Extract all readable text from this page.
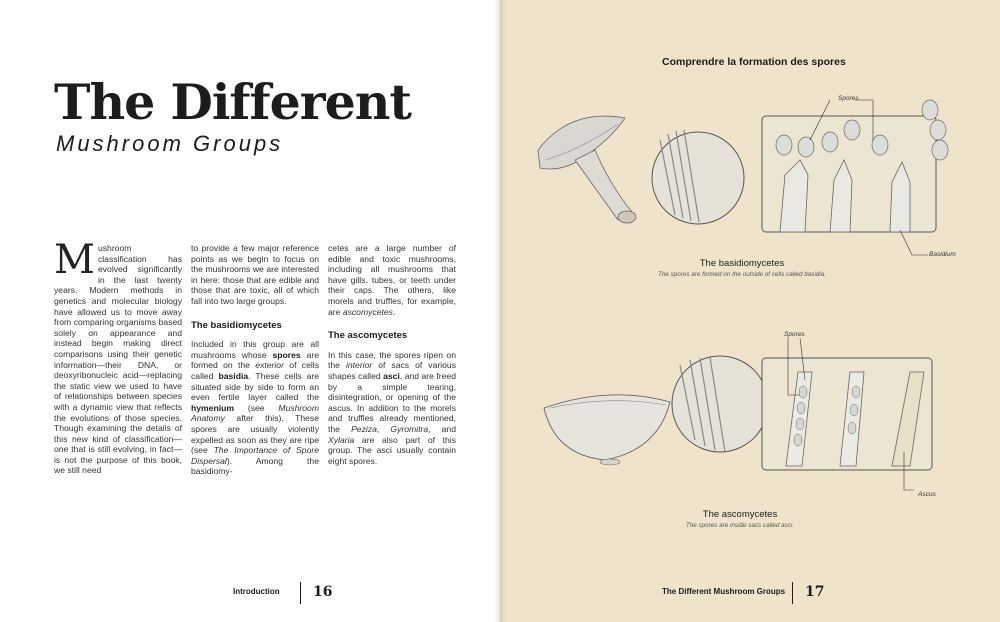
The Different
Mushroom Groups

Mushroom classification has evolved significantly in the last twenty years. Modern methods in genetics and molecular biology have allowed us to move away from comparing organisms based solely on appearance and instead begin making direct comparisons using their genetic information—their DNA, or deoxyribonucleic acid—replacing the static view we used to have of relationships between species with a dynamic view that reflects the evolutions of those species. Though examining the details of this new kind of classification—one that is still evolving, in fact—is not the purpose of this book, we still need

to provide a few major reference points as we begin to focus on the mushrooms we are interested in here: those that are edible and those that are toxic, all of which fall into two large groups.

The basidiomycetes

Included in this group are all mushrooms whose spores are formed on the exterior of cells called basidia. These cells are situated side by side to form an even fertile layer called the hymenium (see Mushroom Anatomy after this). These spores are usually violently expelled as soon as they are ripe (see The Importance of Spore Dispersal). Among the basidiomy-

cetes are a large number of edible and toxic mushrooms, including all mushrooms that have gills, tubes, or teeth under their caps. The others, like morels and truffles, for example, are ascomycetes.

The ascomycetes

In this case, the spores ripen on the interior of sacs of various shapes called asci, and are freed by a simple tearing, disintegration, or opening of the ascus. In addition to the morels and truffles already mentioned, the Peziza, Gyromitra, and Xylaria are also part of this group. The asci usually contain eight spores.

Introduction 16
Comprendre la formation des spores
Spores
Basidium
The basidiomycetes
The spores are formed on the outside of cells called basidia.
Spores
Ascus
The ascomycetes
The spores are inside sacs called asci.
The Different Mushroom Groups 17
